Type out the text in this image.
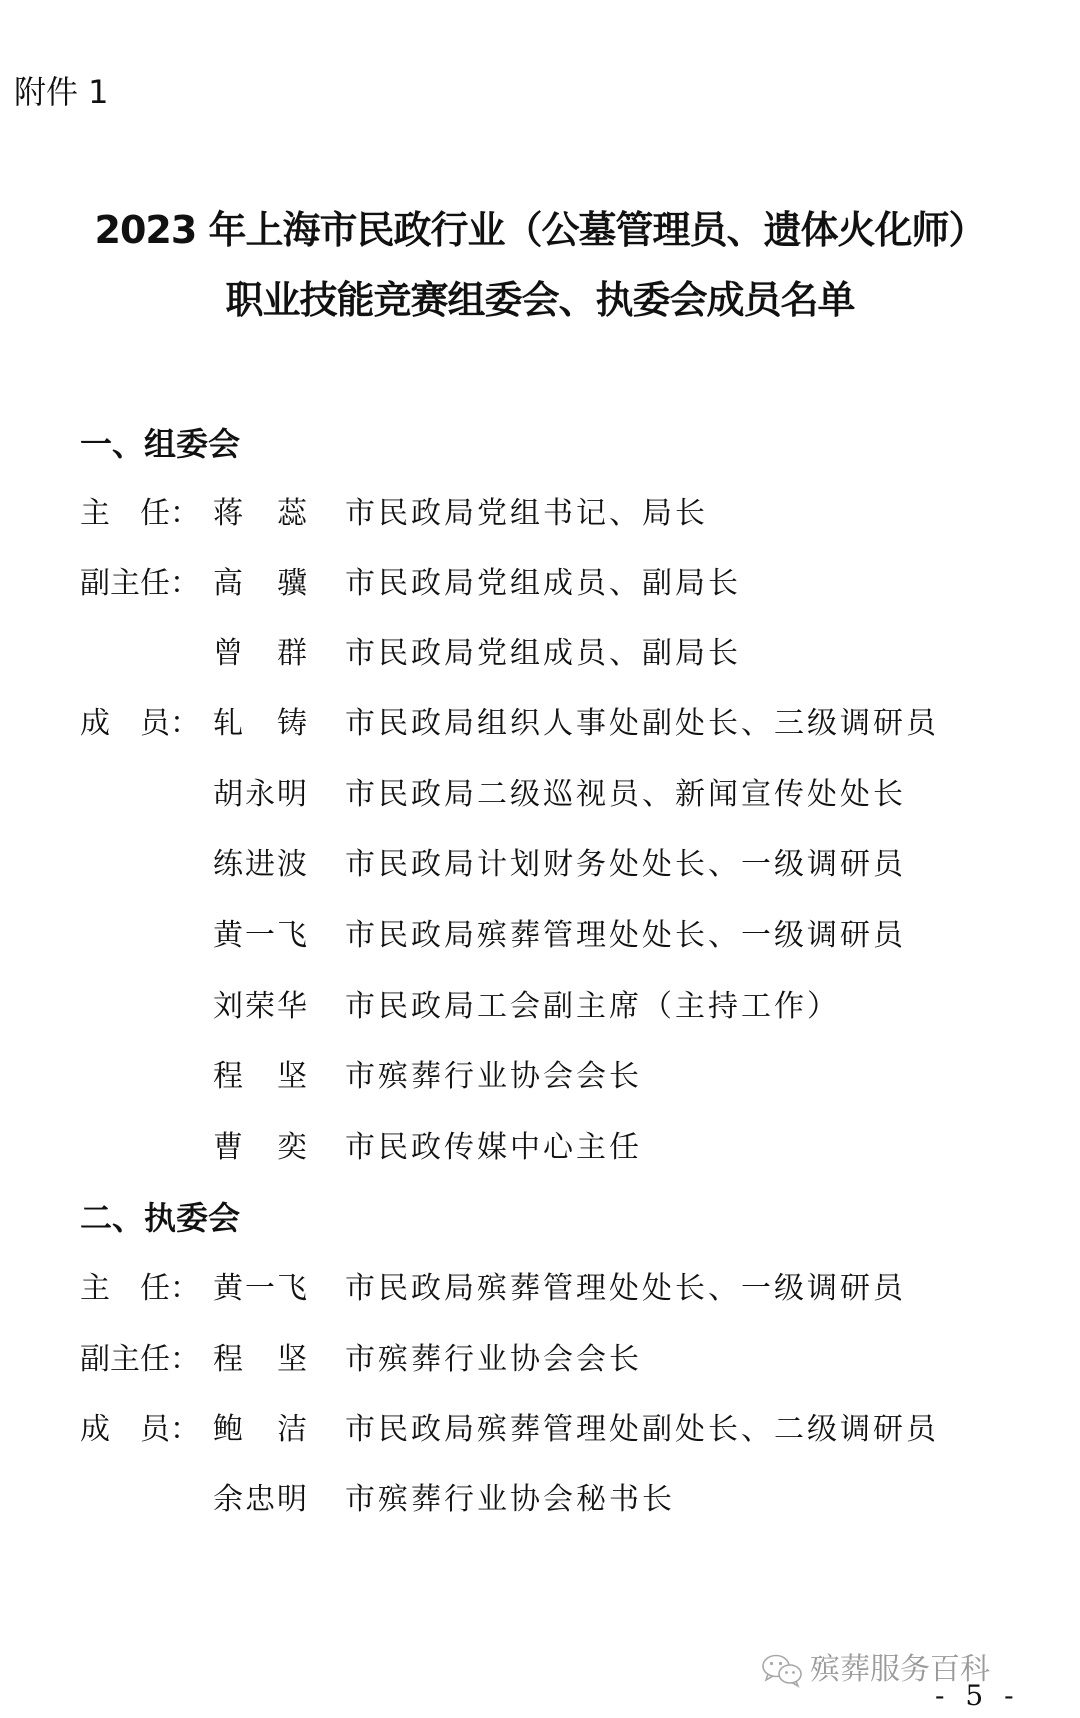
附件 1
2023 年上海市民政行业（公墓管理员、遗体火化师）
职业技能竞赛组委会、执委会成员名单
一、组委会
主　任： 蒋　蕊	市民政局党组书记、局长
副主任： 高　骥	市民政局党组成员、副局长
曾　群	市民政局党组成员、副局长
成　员： 轧　铸	市民政局组织人事处副处长、三级调研员
胡永明	市民政局二级巡视员、新闻宣传处处长
练进波	市民政局计划财务处处长、一级调研员
黄一飞	市民政局殡葬管理处处长、一级调研员
刘荣华	市民政局工会副主席（主持工作）
程　坚	市殡葬行业协会会长
曹　奕	市民政传媒中心主任
二、执委会
主　任： 黄一飞	市民政局殡葬管理处处长、一级调研员
副主任： 程　坚	市殡葬行业协会会长
成　员： 鲍　洁	市民政局殡葬管理处副处长、二级调研员
余忠明	市殡葬行业协会秘书长
殡葬服务百科
- 5 -
